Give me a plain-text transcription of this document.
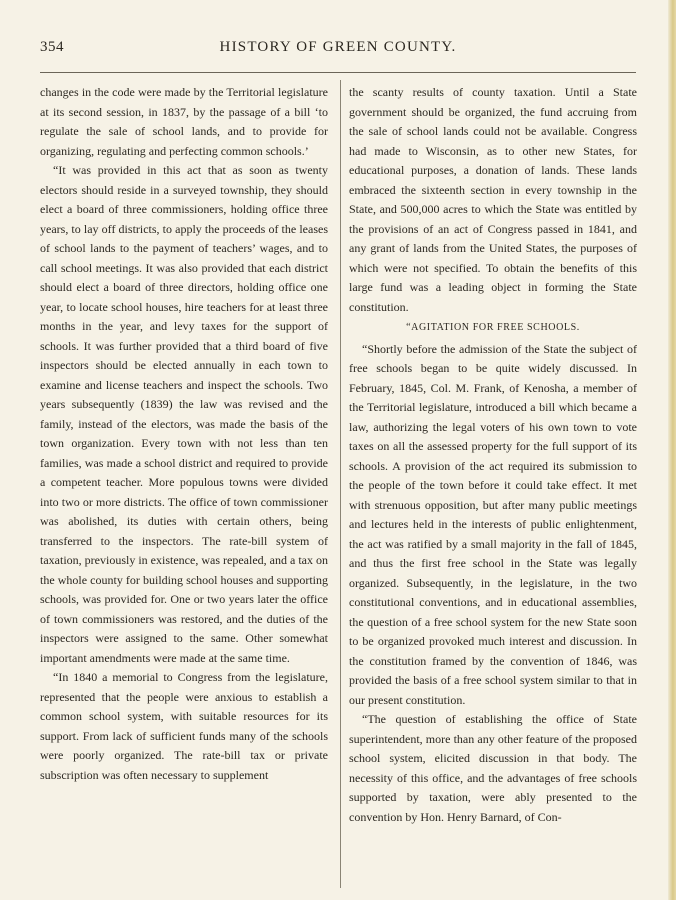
354	HISTORY OF GREEN COUNTY.

changes in the code were made by the Territorial legislature at its second session, in 1837, by the passage of a bill ‘to regulate the sale of school lands, and to provide for organizing, regulating and perfecting common schools.’

“It was provided in this act that as soon as twenty electors should reside in a surveyed township, they should elect a board of three commissioners, holding office three years, to lay off districts, to apply the proceeds of the leases of school lands to the payment of teachers’ wages, and to call school meetings. It was also provided that each district should elect a board of three directors, holding office one year, to locate school houses, hire teachers for at least three months in the year, and levy taxes for the support of schools. It was further provided that a third board of five inspectors should be elected annually in each town to examine and license teachers and inspect the schools. Two years subsequently (1839) the law was revised and the family, instead of the electors, was made the basis of the town organization. Every town with not less than ten families, was made a school district and required to provide a competent teacher. More populous towns were divided into two or more districts. The office of town commissioner was abolished, its duties with certain others, being transferred to the inspectors. The rate-bill system of taxation, previously in existence, was repealed, and a tax on the whole county for building school houses and supporting schools, was provided for. One or two years later the office of town commissioners was restored, and the duties of the inspectors were assigned to the same. Other somewhat important amendments were made at the same time.

“In 1840 a memorial to Congress from the legislature, represented that the people were anxious to establish a common school system, with suitable resources for its support. From lack of sufficient funds many of the schools were poorly organized. The rate-bill tax or private subscription was often necessary to supplement

the scanty results of county taxation. Until a State government should be organized, the fund accruing from the sale of school lands could not be available. Congress had made to Wisconsin, as to other new States, for educational purposes, a donation of lands. These lands embraced the sixteenth section in every township in the State, and 500,000 acres to which the State was entitled by the provisions of an act of Congress passed in 1841, and any grant of lands from the United States, the purposes of which were not specified. To obtain the benefits of this large fund was a leading object in forming the State constitution.

“AGITATION FOR FREE SCHOOLS.

“Shortly before the admission of the State the subject of free schools began to be quite widely discussed. In February, 1845, Col. M. Frank, of Kenosha, a member of the Territorial legislature, introduced a bill which became a law, authorizing the legal voters of his own town to vote taxes on all the assessed property for the full support of its schools. A provision of the act required its submission to the people of the town before it could take effect. It met with strenuous opposition, but after many public meetings and lectures held in the interests of public enlightenment, the act was ratified by a small majority in the fall of 1845, and thus the first free school in the State was legally organized. Subsequently, in the legislature, in the two constitutional conventions, and in educational assemblies, the question of a free school system for the new State soon to be organized provoked much interest and discussion. In the constitution framed by the convention of 1846, was provided the basis of a free school system similar to that in our present constitution.

“The question of establishing the office of State superintendent, more than any other feature of the proposed school system, elicited discussion in that body. The necessity of this office, and the advantages of free schools supported by taxation, were ably presented to the convention by Hon. Henry Barnard, of Con-
